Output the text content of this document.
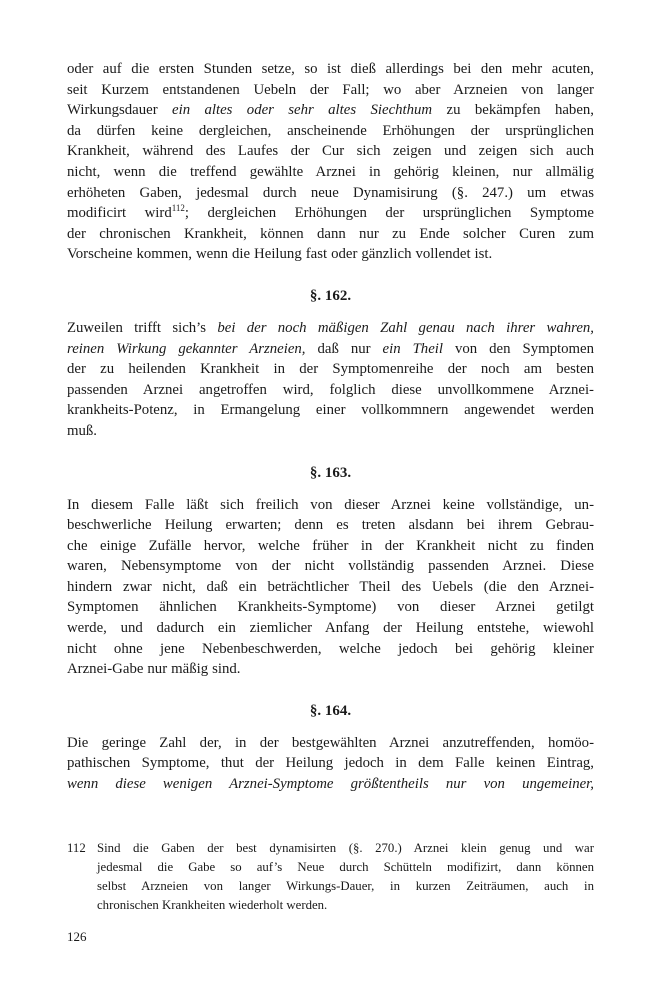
oder auf die ersten Stunden setze, so ist dieß allerdings bei den mehr acuten,
seit Kurzem entstandenen Uebeln der Fall; wo aber Arzneien von langer
Wirkungsdauer ein altes oder sehr altes Siechthum zu bekämpfen haben,
da dürfen keine dergleichen, anscheinende Erhöhungen der ursprünglichen
Krankheit, während des Laufes der Cur sich zeigen und zeigen sich auch
nicht, wenn die treffend gewählte Arznei in gehörig kleinen, nur allmälig
erhöheten Gaben, jedesmal durch neue Dynamisirung (§. 247.) um etwas
modificirt wird$^{112}$; dergleichen Erhöhungen der ursprünglichen Symptome
der chronischen Krankheit, können dann nur zu Ende solcher Curen zum
Vorscheine kommen, wenn die Heilung fast oder gänzlich vollendet ist.

§. 162.

Zuweilen trifft sich’s bei der noch mäßigen Zahl genau nach ihrer wahren,
reinen Wirkung gekannter Arzneien, daß nur ein Theil von den Symptomen
der zu heilenden Krankheit in der Symptomenreihe der noch am besten
passenden Arznei angetroffen wird, folglich diese unvollkommene Arznei-
krankheits-Potenz, in Ermangelung einer vollkommnern angewendet werden
muß.

§. 163.

In diesem Falle läßt sich freilich von dieser Arznei keine vollständige, un-
beschwerliche Heilung erwarten; denn es treten alsdann bei ihrem Gebrau-
che einige Zufälle hervor, welche früher in der Krankheit nicht zu finden
waren, Nebensymptome von der nicht vollständig passenden Arznei. Diese
hindern zwar nicht, daß ein beträchtlicher Theil des Uebels (die den Arznei-
Symptomen ähnlichen Krankheits-Symptome) von dieser Arznei getilgt
werde, und dadurch ein ziemlicher Anfang der Heilung entstehe, wiewohl
nicht ohne jene Nebenbeschwerden, welche jedoch bei gehörig kleiner
Arznei-Gabe nur mäßig sind.

§. 164.

Die geringe Zahl der, in der bestgewählten Arznei anzutreffenden, homöo-
pathischen Symptome, thut der Heilung jedoch in dem Falle keinen Eintrag,
wenn diese wenigen Arznei-Symptome größtentheils nur von ungemeiner,

112 Sind die Gaben der best dynamisirten (§. 270.) Arznei klein genug und war
jedesmal die Gabe so auf’s Neue durch Schütteln modifizirt, dann können
selbst Arzneien von langer Wirkungs-Dauer, in kurzen Zeiträumen, auch in
chronischen Krankheiten wiederholt werden.
126
